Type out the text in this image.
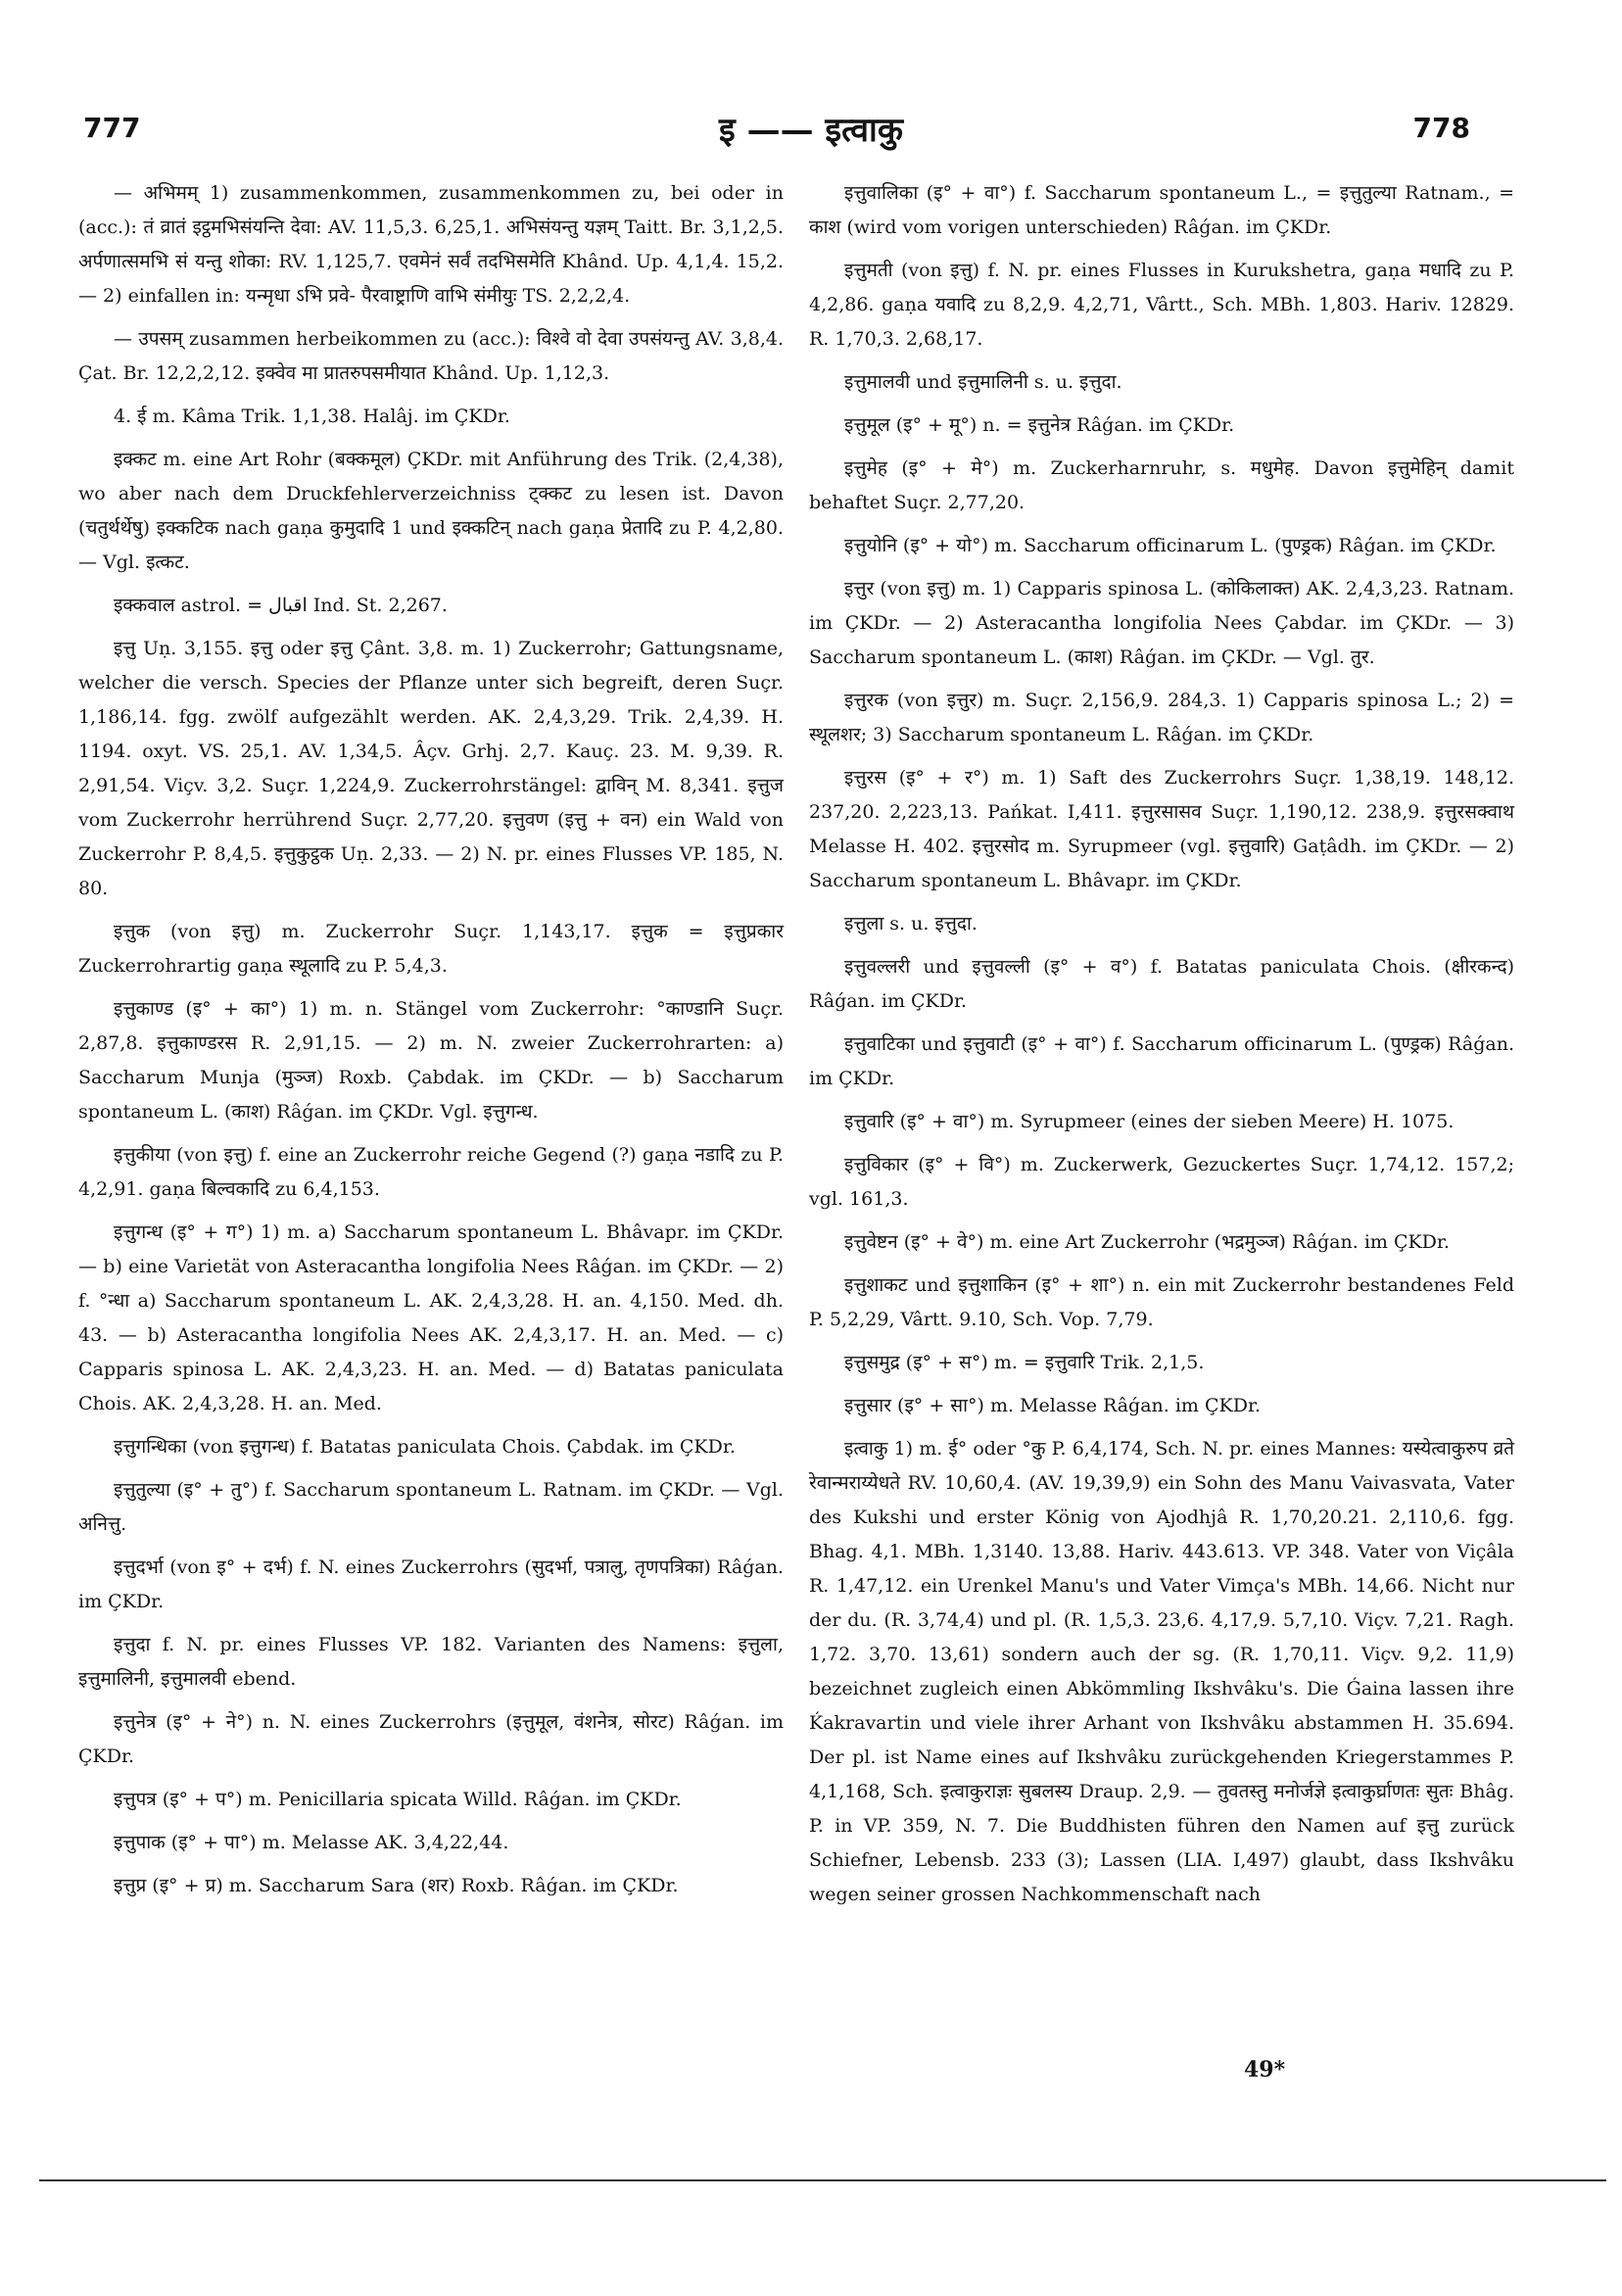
777	इ —— इत्वाकु	778

— अभिमम् 1) zusammenkommen, zusammenkommen zu, bei oder in (acc.): तं व्रातं इट्ठमभिसंयन्ति देवा: AV. 11,5,3. 6,25,1. अभिसंयन्तु यज्ञम् Taitt. Br. 3,1,2,5. अर्पणात्समभि सं यन्तु शोका: RV. 1,125,7. एवमेनं सर्वं तदभिसमेति Khând. Up. 4,1,4. 15,2. — 2) einfallen in: यन्मृधा ऽभि प्रवे- पैरवाष्ट्राणि वाभि संमीयुः TS. 2,2,2,4.

— उपसम् zusammen herbeikommen zu (acc.): विश्वे वो देवा उपसंयन्तु AV. 3,8,4. Çat. Br. 12,2,2,12. इक्वेव मा प्रातरुपसमीयात Khând. Up. 1,12,3.

4. ई m. Kâma Trik. 1,1,38. Halâj. im ÇKDr.

इक्कट m. eine Art Rohr (बक्कमूल) ÇKDr. mit Anführung des Trik. (2,4,38), wo aber nach dem Druckfehlerverzeichniss ट्क्कट zu lesen ist. Davon (चतुर्थर्थेषु) इक्कटिक nach gaṇa कुमुदादि 1 und इक्कटिन् nach gaṇa प्रेतादि zu P. 4,2,80. — Vgl. इत्कट.

इक्कवाल astrol. = اقبال Ind. St. 2,267.

इत्तु Uṇ. 3,155. इत्तु oder इत्तु Çânt. 3,8. m. 1) Zuckerrohr; Gattungsname, welcher die versch. Species der Pflanze unter sich begreift, deren Suçr. 1,186,14. fgg. zwölf aufgezählt werden. AK. 2,4,3,29. Trik. 2,4,39. H. 1194. oxyt. VS. 25,1. AV. 1,34,5. Âçv. Grhj. 2,7. Kauç. 23. M. 9,39. R. 2,91,54. Viçv. 3,2. Suçr. 1,224,9. Zuckerrohrstängel: द्वाविन् M. 8,341. इत्तुज vom Zuckerrohr herrührend Suçr. 2,77,20. इत्तुवण (इत्तु + वन) ein Wald von Zuckerrohr P. 8,4,5. इत्तुकुट्ठक Uṇ. 2,33. — 2) N. pr. eines Flusses VP. 185, N. 80.

इत्तुक (von इत्तु) m. Zuckerrohr Suçr. 1,143,17. इत्तुक = इत्तुप्रकार Zuckerrohrartig gaṇa स्थूलादि zu P. 5,4,3.

इत्तुकाण्ड (इ° + का°) 1) m. n. Stängel vom Zuckerrohr: °काण्डानि Suçr. 2,87,8. इत्तुकाण्डरस R. 2,91,15. — 2) m. N. zweier Zuckerrohrarten: a) Saccharum Munja (मुञ्ज) Roxb. Çabdak. im ÇKDr. — b) Saccharum spontaneum L. (काश) Râǵan. im ÇKDr. Vgl. इत्तुगन्ध.

इत्तुकीया (von इत्तु) f. eine an Zuckerrohr reiche Gegend (?) gaṇa नडादि zu P. 4,2,91. gaṇa बिल्वकादि zu 6,4,153.

इत्तुगन्ध (इ° + ग°) 1) m. a) Saccharum spontaneum L. Bhâvapr. im ÇKDr. — b) eine Varietät von Asteracantha longifolia Nees Râǵan. im ÇKDr. — 2) f. °न्धा a) Saccharum spontaneum L. AK. 2,4,3,28. H. an. 4,150. Med. dh. 43. — b) Asteracantha longifolia Nees AK. 2,4,3,17. H. an. Med. — c) Capparis spinosa L. AK. 2,4,3,23. H. an. Med. — d) Batatas paniculata Chois. AK. 2,4,3,28. H. an. Med.

इत्तुगन्धिका (von इत्तुगन्ध) f. Batatas paniculata Chois. Çabdak. im ÇKDr.

इत्तुतुल्या (इ° + तु°) f. Saccharum spontaneum L. Ratnam. im ÇKDr. — Vgl. अनित्तु.

इत्तुदर्भा (von इ° + दर्भ) f. N. eines Zuckerrohrs (सुदर्भा, पत्रालु, तृणपत्रिका) Râǵan. im ÇKDr.

इत्तुदा f. N. pr. eines Flusses VP. 182. Varianten des Namens: इत्तुला, इत्तुमालिनी, इत्तुमालवी ebend.

इत्तुनेत्र (इ° + ने°) n. N. eines Zuckerrohrs (इत्तुमूल, वंशनेत्र, सोरट) Râǵan. im ÇKDr.

इत्तुपत्र (इ° + प°) m. Penicillaria spicata Willd. Râǵan. im ÇKDr.

इत्तुपाक (इ° + पा°) m. Melasse AK. 3,4,22,44.

इत्तुप्र (इ° + प्र) m. Saccharum Sara (शर) Roxb. Râǵan. im ÇKDr.

इत्तुवालिका (इ° + वा°) f. Saccharum spontaneum L., = इत्तुतुल्या Ratnam., = काश (wird vom vorigen unterschieden) Râǵan. im ÇKDr.

इत्तुमती (von इत्तु) f. N. pr. eines Flusses in Kurukshetra, gaṇa मधादि zu P. 4,2,86. gaṇa यवादि zu 8,2,9. 4,2,71, Vârtt., Sch. MBh. 1,803. Hariv. 12829. R. 1,70,3. 2,68,17.

इत्तुमालवी und इत्तुमालिनी s. u. इत्तुदा.

इत्तुमूल (इ° + मू°) n. = इत्तुनेत्र Râǵan. im ÇKDr.

इत्तुमेह (इ° + मे°) m. Zuckerharnruhr, s. मधुमेह. Davon इत्तुमेहिन् damit behaftet Suçr. 2,77,20.

इत्तुयोनि (इ° + यो°) m. Saccharum officinarum L. (पुण्ड्रक) Râǵan. im ÇKDr.

इत्तुर (von इत्तु) m. 1) Capparis spinosa L. (कोकिलाक्त) AK. 2,4,3,23. Ratnam. im ÇKDr. — 2) Asteracantha longifolia Nees Çabdar. im ÇKDr. — 3) Saccharum spontaneum L. (काश) Râǵan. im ÇKDr. — Vgl. तुर.

इत्तुरक (von इत्तुर) m. Suçr. 2,156,9. 284,3. 1) Capparis spinosa L.; 2) = स्थूलशर; 3) Saccharum spontaneum L. Râǵan. im ÇKDr.

इत्तुरस (इ° + र°) m. 1) Saft des Zuckerrohrs Suçr. 1,38,19. 148,12. 237,20. 2,223,13. Pańkat. I,411. इत्तुरसासव Suçr. 1,190,12. 238,9. इत्तुरसक्वाथ Melasse H. 402. इत्तुरसोद m. Syrupmeer (vgl. इत्तुवारि) Gaṭâdh. im ÇKDr. — 2) Saccharum spontaneum L. Bhâvapr. im ÇKDr.

इत्तुला s. u. इत्तुदा.

इत्तुवल्लरी und इत्तुवल्ली (इ° + व°) f. Batatas paniculata Chois. (क्षीरकन्द) Râǵan. im ÇKDr.

इत्तुवाटिका und इत्तुवाटी (इ° + वा°) f. Saccharum officinarum L. (पुण्ड्रक) Râǵan. im ÇKDr.

इत्तुवारि (इ° + वा°) m. Syrupmeer (eines der sieben Meere) H. 1075.

इत्तुविकार (इ° + वि°) m. Zuckerwerk, Gezuckertes Suçr. 1,74,12. 157,2; vgl. 161,3.

इत्तुवेष्टन (इ° + वे°) m. eine Art Zuckerrohr (भद्रमुञ्ज) Râǵan. im ÇKDr.

इत्तुशाकट und इत्तुशाकिन (इ° + शा°) n. ein mit Zuckerrohr bestandenes Feld P. 5,2,29, Vârtt. 9.10, Sch. Vop. 7,79.

इत्तुसमुद्र (इ° + स°) m. = इत्तुवारि Trik. 2,1,5.

इत्तुसार (इ° + सा°) m. Melasse Râǵan. im ÇKDr.

इत्वाकु 1) m. ई° oder °कु P. 6,4,174, Sch. N. pr. eines Mannes: यस्येत्वाकुरुप व्रते रेवान्मराय्येधते RV. 10,60,4. (AV. 19,39,9) ein Sohn des Manu Vaivasvata, Vater des Kukshi und erster König von Ajodhjâ R. 1,70,20.21. 2,110,6. fgg. Bhag. 4,1. MBh. 1,3140. 13,88. Hariv. 443.613. VP. 348. Vater von Viçâla R. 1,47,12. ein Urenkel Manu's und Vater Vimça's MBh. 14,66. Nicht nur der du. (R. 3,74,4) und pl. (R. 1,5,3. 23,6. 4,17,9. 5,7,10. Viçv. 7,21. Ragh. 1,72. 3,70. 13,61) sondern auch der sg. (R. 1,70,11. Viçv. 9,2. 11,9) bezeichnet zugleich einen Abkömmling Ikshvâku's. Die Ǵaina lassen ihre Ḱakravartin und viele ihrer Arhant von Ikshvâku abstammen H. 35.694. Der pl. ist Name eines auf Ikshvâku zurückgehenden Kriegerstammes P. 4,1,168, Sch. इत्वाकुराज्ञः सुबलस्य Draup. 2,9. — तुवतस्तु मनोर्जज्ञे इत्वाकुर्घ्राणतः सुतः Bhâg. P. in VP. 359, N. 7. Die Buddhisten führen den Namen auf इत्तु zurück Schiefner, Lebensb. 233 (3); Lassen (LIA. I,497) glaubt, dass Ikshvâku wegen seiner grossen Nachkommenschaft nach

49*
